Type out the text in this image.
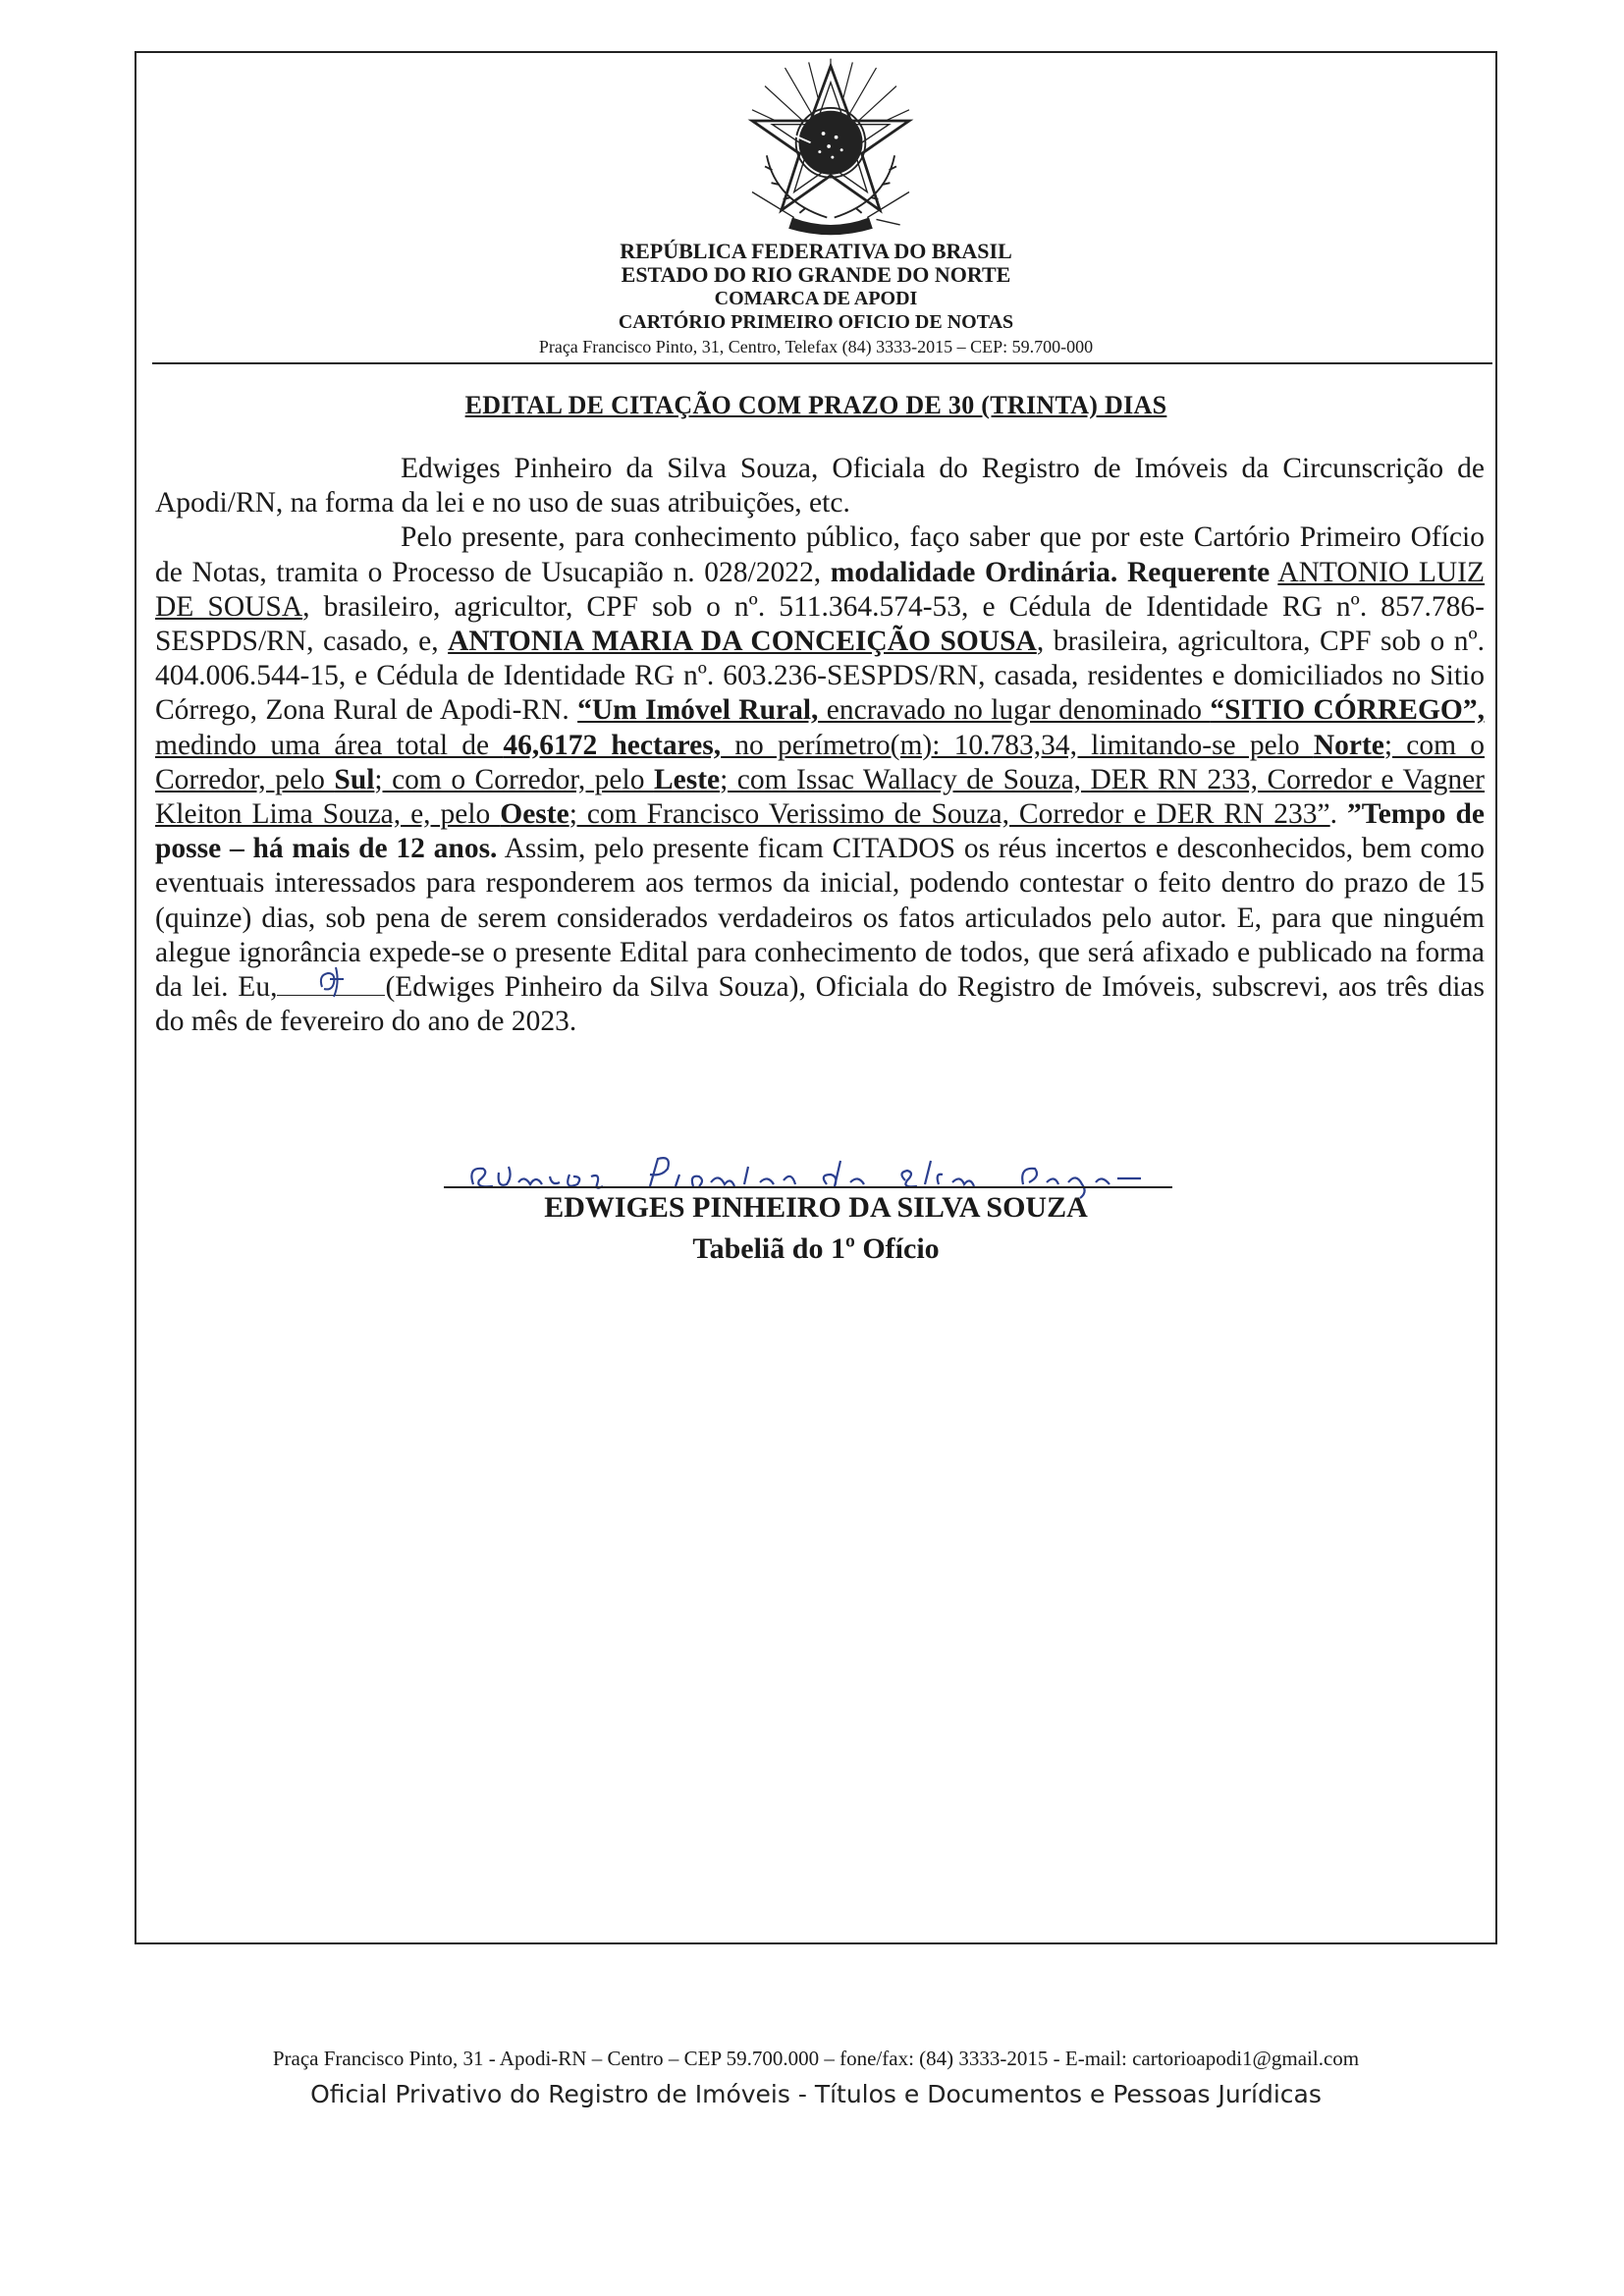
REPÚBLICA FEDERATIVA DO BRASIL
ESTADO DO RIO GRANDE DO NORTE
COMARCA DE APODI
CARTÓRIO PRIMEIRO OFICIO DE NOTAS
Praça Francisco Pinto, 31, Centro, Telefax (84) 3333-2015 – CEP: 59.700-000
EDITAL DE CITAÇÃO COM PRAZO DE 30 (TRINTA) DIAS

Edwiges Pinheiro da Silva Souza, Oficiala do Registro de Imóveis da Circunscrição de Apodi/RN, na forma da lei e no uso de suas atribuições, etc.

Pelo presente, para conhecimento público, faço saber que por este Cartório Primeiro Ofício de Notas, tramita o Processo de Usucapião n. 028/2022, modalidade Ordinária. Requerente ANTONIO LUIZ DE SOUSA, brasileiro, agricultor, CPF sob o nº. 511.364.574-53, e Cédula de Identidade RG nº. 857.786-SESPDS/RN, casado, e, ANTONIA MARIA DA CONCEIÇÃO SOUSA, brasileira, agricultora, CPF sob o nº. 404.006.544-15, e Cédula de Identidade RG nº. 603.236-SESPDS/RN, casada, residentes e domiciliados no Sitio Córrego, Zona Rural de Apodi-RN. “Um Imóvel Rural, encravado no lugar denominado “SITIO CÓRREGO”, medindo uma área total de 46,6172 hectares, no perímetro(m): 10.783,34, limitando-se pelo Norte; com o Corredor, pelo Sul; com o Corredor, pelo Leste; com Issac Wallacy de Souza, DER RN 233, Corredor e Vagner Kleiton Lima Souza, e, pelo Oeste; com Francisco Verissimo de Souza, Corredor e DER RN 233”. ”Tempo de posse – há mais de 12 anos. Assim, pelo presente ficam CITADOS os réus incertos e desconhecidos, bem como eventuais interessados para responderem aos termos da inicial, podendo contestar o feito dentro do prazo de 15 (quinze) dias, sob pena de serem considerados verdadeiros os fatos articulados pelo autor. E, para que ninguém alegue ignorância expede-se o presente Edital para conhecimento de todos, que será afixado e publicado na forma da lei. Eu,	(Edwiges Pinheiro da Silva Souza), Oficiala do Registro de Imóveis, subscrevi, aos três dias do mês de fevereiro do ano de 2023.

EDWIGES PINHEIRO DA SILVA SOUZA
Tabeliã do 1º Ofício
Praça Francisco Pinto, 31 - Apodi-RN – Centro – CEP 59.700.000 – fone/fax: (84) 3333-2015 - E-mail: cartorioapodi1@gmail.com
Oficial Privativo do Registro de Imóveis - Títulos e Documentos e Pessoas Jurídicas
